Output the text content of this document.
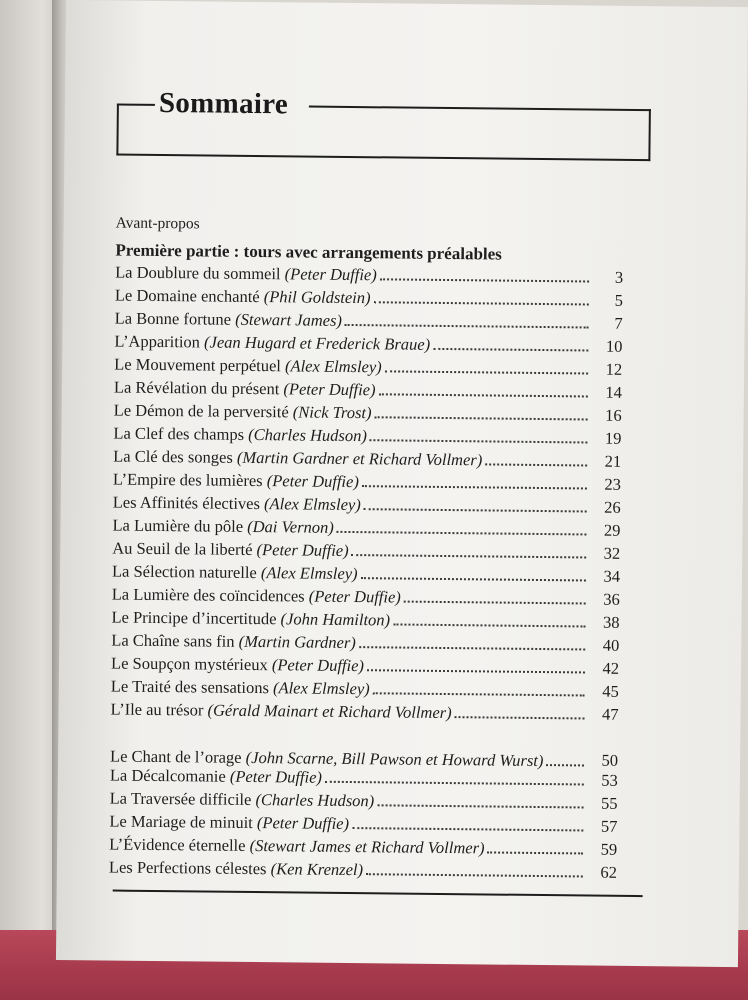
Sommaire
Avant-propos
Première partie : tours avec arrangements préalables
La Doublure du sommeil (Peter Duffie)	3
Le Domaine enchanté (Phil Goldstein)	5
La Bonne fortune (Stewart James)	7
L’Apparition (Jean Hugard et Frederick Braue)	10
Le Mouvement perpétuel (Alex Elmsley)	12
La Révélation du présent (Peter Duffie)	14
Le Démon de la perversité (Nick Trost)	16
La Clef des champs (Charles Hudson)	19
La Clé des songes (Martin Gardner et Richard Vollmer)	21
L’Empire des lumières (Peter Duffie)	23
Les Affinités électives (Alex Elmsley)	26
La Lumière du pôle (Dai Vernon)	29
Au Seuil de la liberté (Peter Duffie)	32
La Sélection naturelle (Alex Elmsley)	34
La Lumière des coïncidences (Peter Duffie)	36
Le Principe d’incertitude (John Hamilton)	38
La Chaîne sans fin (Martin Gardner)	40
Le Soupçon mystérieux (Peter Duffie)	42
Le Traité des sensations (Alex Elmsley)	45
L’Ile au trésor (Gérald Mainart et Richard Vollmer)	47
Le Chant de l’orage (John Scarne, Bill Pawson et Howard Wurst)	50
La Décalcomanie (Peter Duffie)	53
La Traversée difficile (Charles Hudson)	55
Le Mariage de minuit (Peter Duffie)	57
L’Évidence éternelle (Stewart James et Richard Vollmer)	59
Les Perfections célestes (Ken Krenzel)	62
